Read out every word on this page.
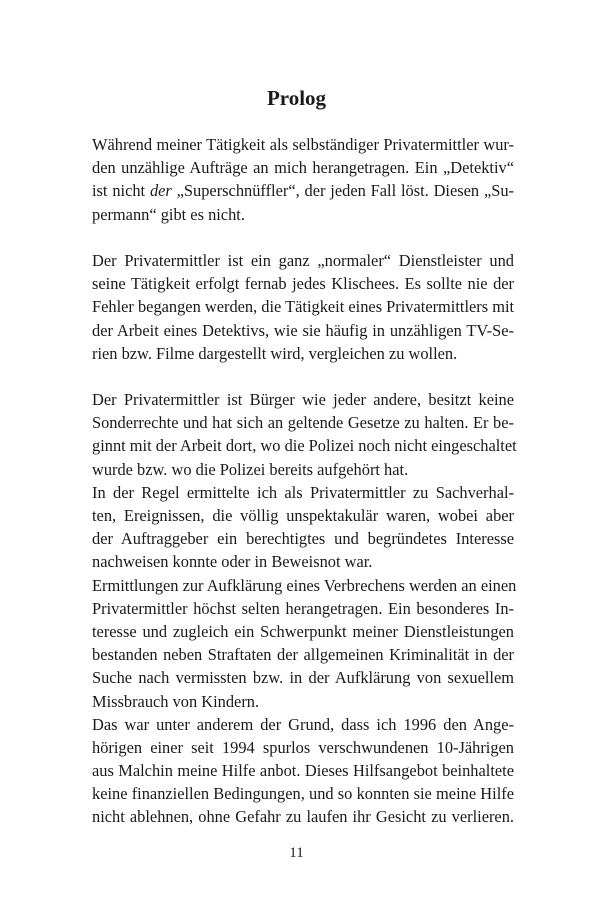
Prolog

Während meiner Tätigkeit als selbständiger Privatermittler wur-
den unzählige Aufträge an mich herangetragen. Ein „Detektiv“
ist nicht der „Superschnüffler“, der jeden Fall löst. Diesen „Su-
permann“ gibt es nicht.

Der Privatermittler ist ein ganz „normaler“ Dienstleister und
seine Tätigkeit erfolgt fernab jedes Klischees. Es sollte nie der
Fehler begangen werden, die Tätigkeit eines Privatermittlers mit
der Arbeit eines Detektivs, wie sie häufig in unzähligen TV-Se-
rien bzw. Filme dargestellt wird, vergleichen zu wollen.

Der Privatermittler ist Bürger wie jeder andere, besitzt keine
Sonderrechte und hat sich an geltende Gesetze zu halten. Er be-
ginnt mit der Arbeit dort, wo die Polizei noch nicht eingeschaltet
wurde bzw. wo die Polizei bereits aufgehört hat.

In der Regel ermittelte ich als Privatermittler zu Sachverhal-
ten, Ereignissen, die völlig unspektakulär waren, wobei aber
der Auftraggeber ein berechtigtes und begründetes Interesse
nachweisen konnte oder in Beweisnot war.

Ermittlungen zur Aufklärung eines Verbrechens werden an einen
Privatermittler höchst selten herangetragen. Ein besonderes In-
teresse und zugleich ein Schwerpunkt meiner Dienstleistungen
bestanden neben Straftaten der allgemeinen Kriminalität in der
Suche nach vermissten bzw. in der Aufklärung von sexuellem
Missbrauch von Kindern.

Das war unter anderem der Grund, dass ich 1996 den Ange-
hörigen einer seit 1994 spurlos verschwundenen 10-Jährigen
aus Malchin meine Hilfe anbot. Dieses Hilfsangebot beinhaltete
keine finanziellen Bedingungen, und so konnten sie meine Hilfe
nicht ablehnen, ohne Gefahr zu laufen ihr Gesicht zu verlieren.

11
